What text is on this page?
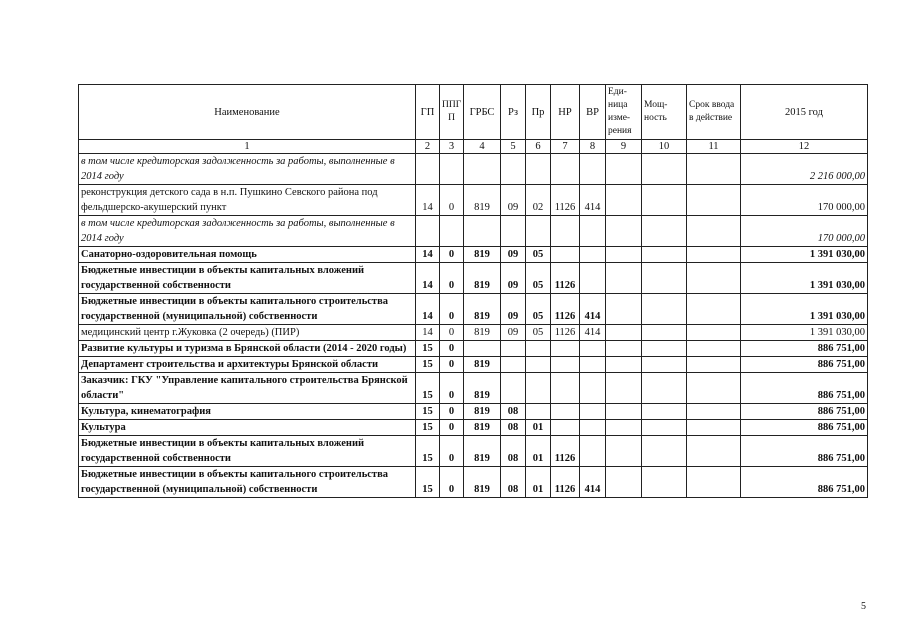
Наименование	ГП	ППГ П	ГРБС	Рз	Пр	НР	ВР	Еди- ница изме- рения	Мощ- ность	Срок ввода в действие	2015 год
1	2	3	4	5	6	7	8	9	10	11	12
в том числе кредиторская задолженность за работы, выполненные в 2014 году											2 216 000,00
реконструкция детского сада в н.п. Пушкино Севского района под фельдшерско-акушерский пункт	14	0	819	09	02	1126	414				170 000,00
в том числе кредиторская задолженность за работы, выполненные в 2014 году											170 000,00
Санаторно-оздоровительная помощь	14	0	819	09	05						1 391 030,00
Бюджетные инвестиции в объекты капитальных вложений государственной собственности	14	0	819	09	05	1126					1 391 030,00
Бюджетные инвестиции в объекты капитального строительства государственной (муниципальной) собственности	14	0	819	09	05	1126	414				1 391 030,00
медицинский центр г.Жуковка (2 очередь) (ПИР)	14	0	819	09	05	1126	414				1 391 030,00
Развитие культуры и туризма в Брянской области (2014 - 2020 годы)	15	0									886 751,00
Департамент строительства и архитектуры Брянской области	15	0	819								886 751,00
Заказчик: ГКУ "Управление капитального строительства Брянской области"	15	0	819								886 751,00
Культура, кинематография	15	0	819	08							886 751,00
Культура	15	0	819	08	01						886 751,00
Бюджетные инвестиции в объекты капитальных вложений государственной собственности	15	0	819	08	01	1126					886 751,00
Бюджетные инвестиции в объекты капитального строительства государственной (муниципальной) собственности	15	0	819	08	01	1126	414				886 751,00
5
